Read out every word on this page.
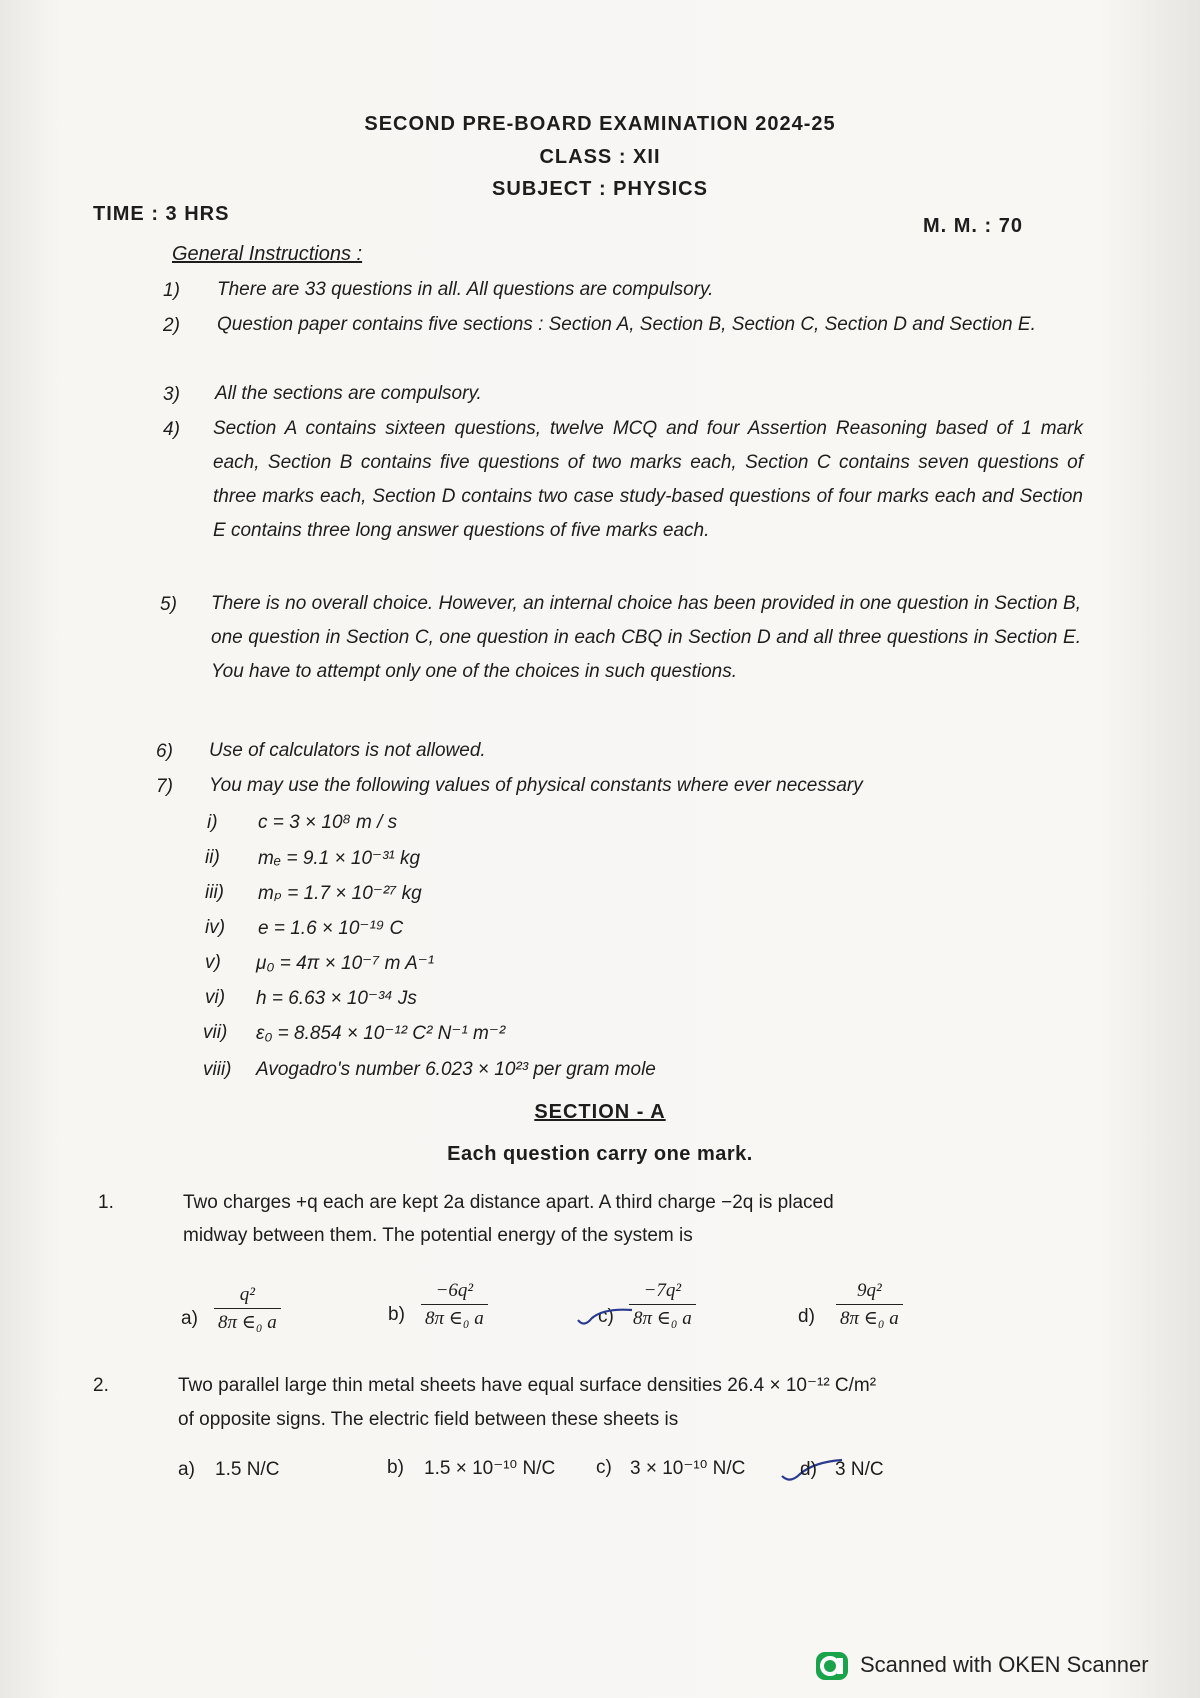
SECOND PRE-BOARD EXAMINATION 2024-25
CLASS : XII
SUBJECT : PHYSICS
TIME : 3 HRS
M. M. : 70
General Instructions :
1) There are 33 questions in all. All questions are compulsory.
2) Question paper contains five sections : Section A, Section B, Section C, Section D and Section E.
3) All the sections are compulsory.
4) Section A contains sixteen questions, twelve MCQ and four Assertion Reasoning based of 1 mark each, Section B contains five questions of two marks each, Section C contains seven questions of three marks each, Section D contains two case study-based questions of four marks each and Section E contains three long answer questions of five marks each.
5) There is no overall choice. However, an internal choice has been provided in one question in Section B, one question in Section C, one question in each CBQ in Section D and all three questions in Section E. You have to attempt only one of the choices in such questions.
6) Use of calculators is not allowed.
7) You may use the following values of physical constants where ever necessary
i) c = 3 × 10⁸ m / s
ii) mₑ = 9.1 × 10⁻³¹ kg
iii) mₚ = 1.7 × 10⁻²⁷ kg
iv) e = 1.6 × 10⁻¹⁹ C
v) μ₀ = 4π × 10⁻⁷ m A⁻¹
vi) h = 6.63 × 10⁻³⁴ Js
vii) ε₀ = 8.854 × 10⁻¹² C² N⁻¹ m⁻²
viii) Avogadro's number 6.023 × 10²³ per gram mole
SECTION - A
Each question carry one mark.
1.	Two charges +q each are kept 2a distance apart. A third charge −2q is placed
midway between them. The potential energy of the system is
a)
q²
8π ∈₀ a	b)
−6q²
8π ∈₀ a	c)
−7q²
8π ∈₀ a	d)
9q²
8π ∈₀ a
2.	Two parallel large thin metal sheets have equal surface densities 26.4 × 10⁻¹² C/m²
of opposite signs. The electric field between these sheets is
a) 1.5 N/C	b) 1.5 × 10⁻¹⁰ N/C c) 3 × 10⁻¹⁰ N/C	d) 3 N/C
Scanned with OKEN Scanner
